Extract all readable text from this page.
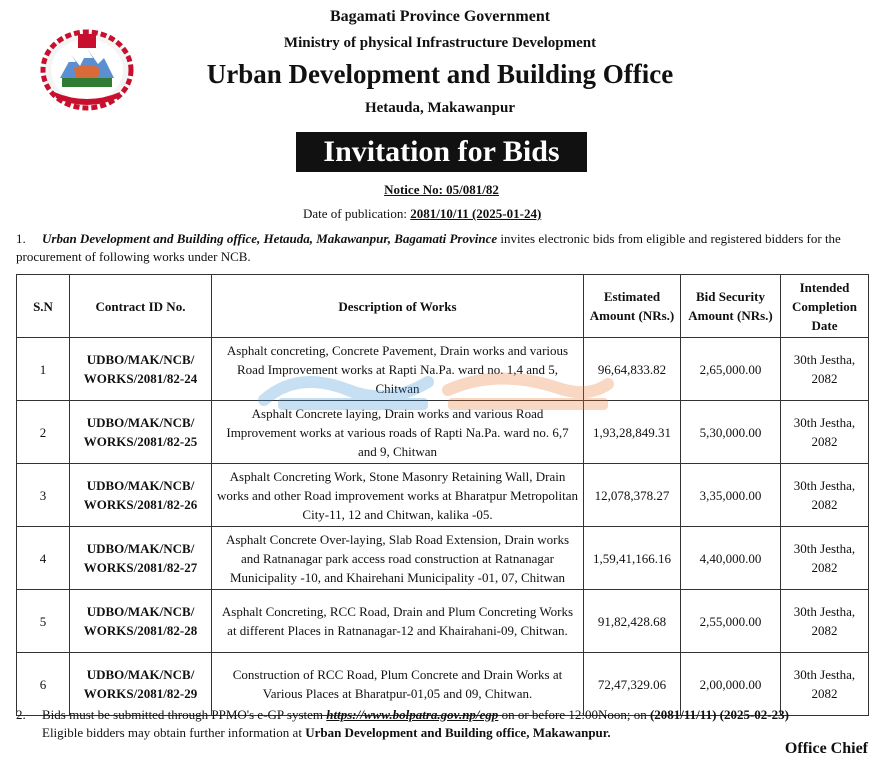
Bagamati Province Government
Ministry of physical Infrastructure Development
Urban Development and Building Office
Hetauda, Makawanpur
Invitation for Bids
Notice No: 05/081/82
Date of publication: 2081/10/11 (2025-01-24)
1. Urban Development and Building office, Hetauda, Makawanpur, Bagamati Province invites electronic bids from eligible and registered bidders for the procurement of following works under NCB.
S.N	Contract ID No.	Description of Works	Estimated Amount (NRs.)	Bid Security Amount (NRs.)	Intended Completion Date
1	UDBO/MAK/NCB/ WORKS/2081/82-24	Asphalt concreting, Concrete Pavement, Drain works and various Road Improvement works at Rapti Na.Pa. ward no. 1,4 and 5, Chitwan	96,64,833.82	2,65,000.00	30th Jestha, 2082
2	UDBO/MAK/NCB/ WORKS/2081/82-25	Asphalt Concrete laying, Drain works and various Road Improvement works at various roads of Rapti Na.Pa. ward no. 6,7 and 9, Chitwan	1,93,28,849.31	5,30,000.00	30th Jestha, 2082
3	UDBO/MAK/NCB/ WORKS/2081/82-26	Asphalt Concreting Work, Stone Masonry Retaining Wall, Drain works and other Road improvement works at Bharatpur Metropolitan City-11, 12 and Chitwan, kalika -05.	12,078,378.27	3,35,000.00	30th Jestha, 2082
4	UDBO/MAK/NCB/ WORKS/2081/82-27	Asphalt Concrete Over-laying, Slab Road Extension, Drain works and Ratnanagar park access road construction at Ratnanagar Municipality -10, and Khairehani Municipality -01, 07, Chitwan	1,59,41,166.16	4,40,000.00	30th Jestha, 2082
5	UDBO/MAK/NCB/ WORKS/2081/82-28	Asphalt Concreting, RCC Road, Drain and Plum Concreting Works at different Places in Ratnanagar-12 and Khairahani-09, Chitwan.	91,82,428.68	2,55,000.00	30th Jestha, 2082
6	UDBO/MAK/NCB/ WORKS/2081/82-29	Construction of RCC Road, Plum Concrete and Drain Works at Various Places at Bharatpur-01,05 and 09, Chitwan.	72,47,329.06	2,00,000.00	30th Jestha, 2082
2. Bids must be submitted through PPMO's e-GP system https://www.bolpatra.gov.np/egp on or before 12:00Noon; on (2081/11/11) (2025-02-23)
Eligible bidders may obtain further information at Urban Development and Building office, Makawanpur.
Office Chief
